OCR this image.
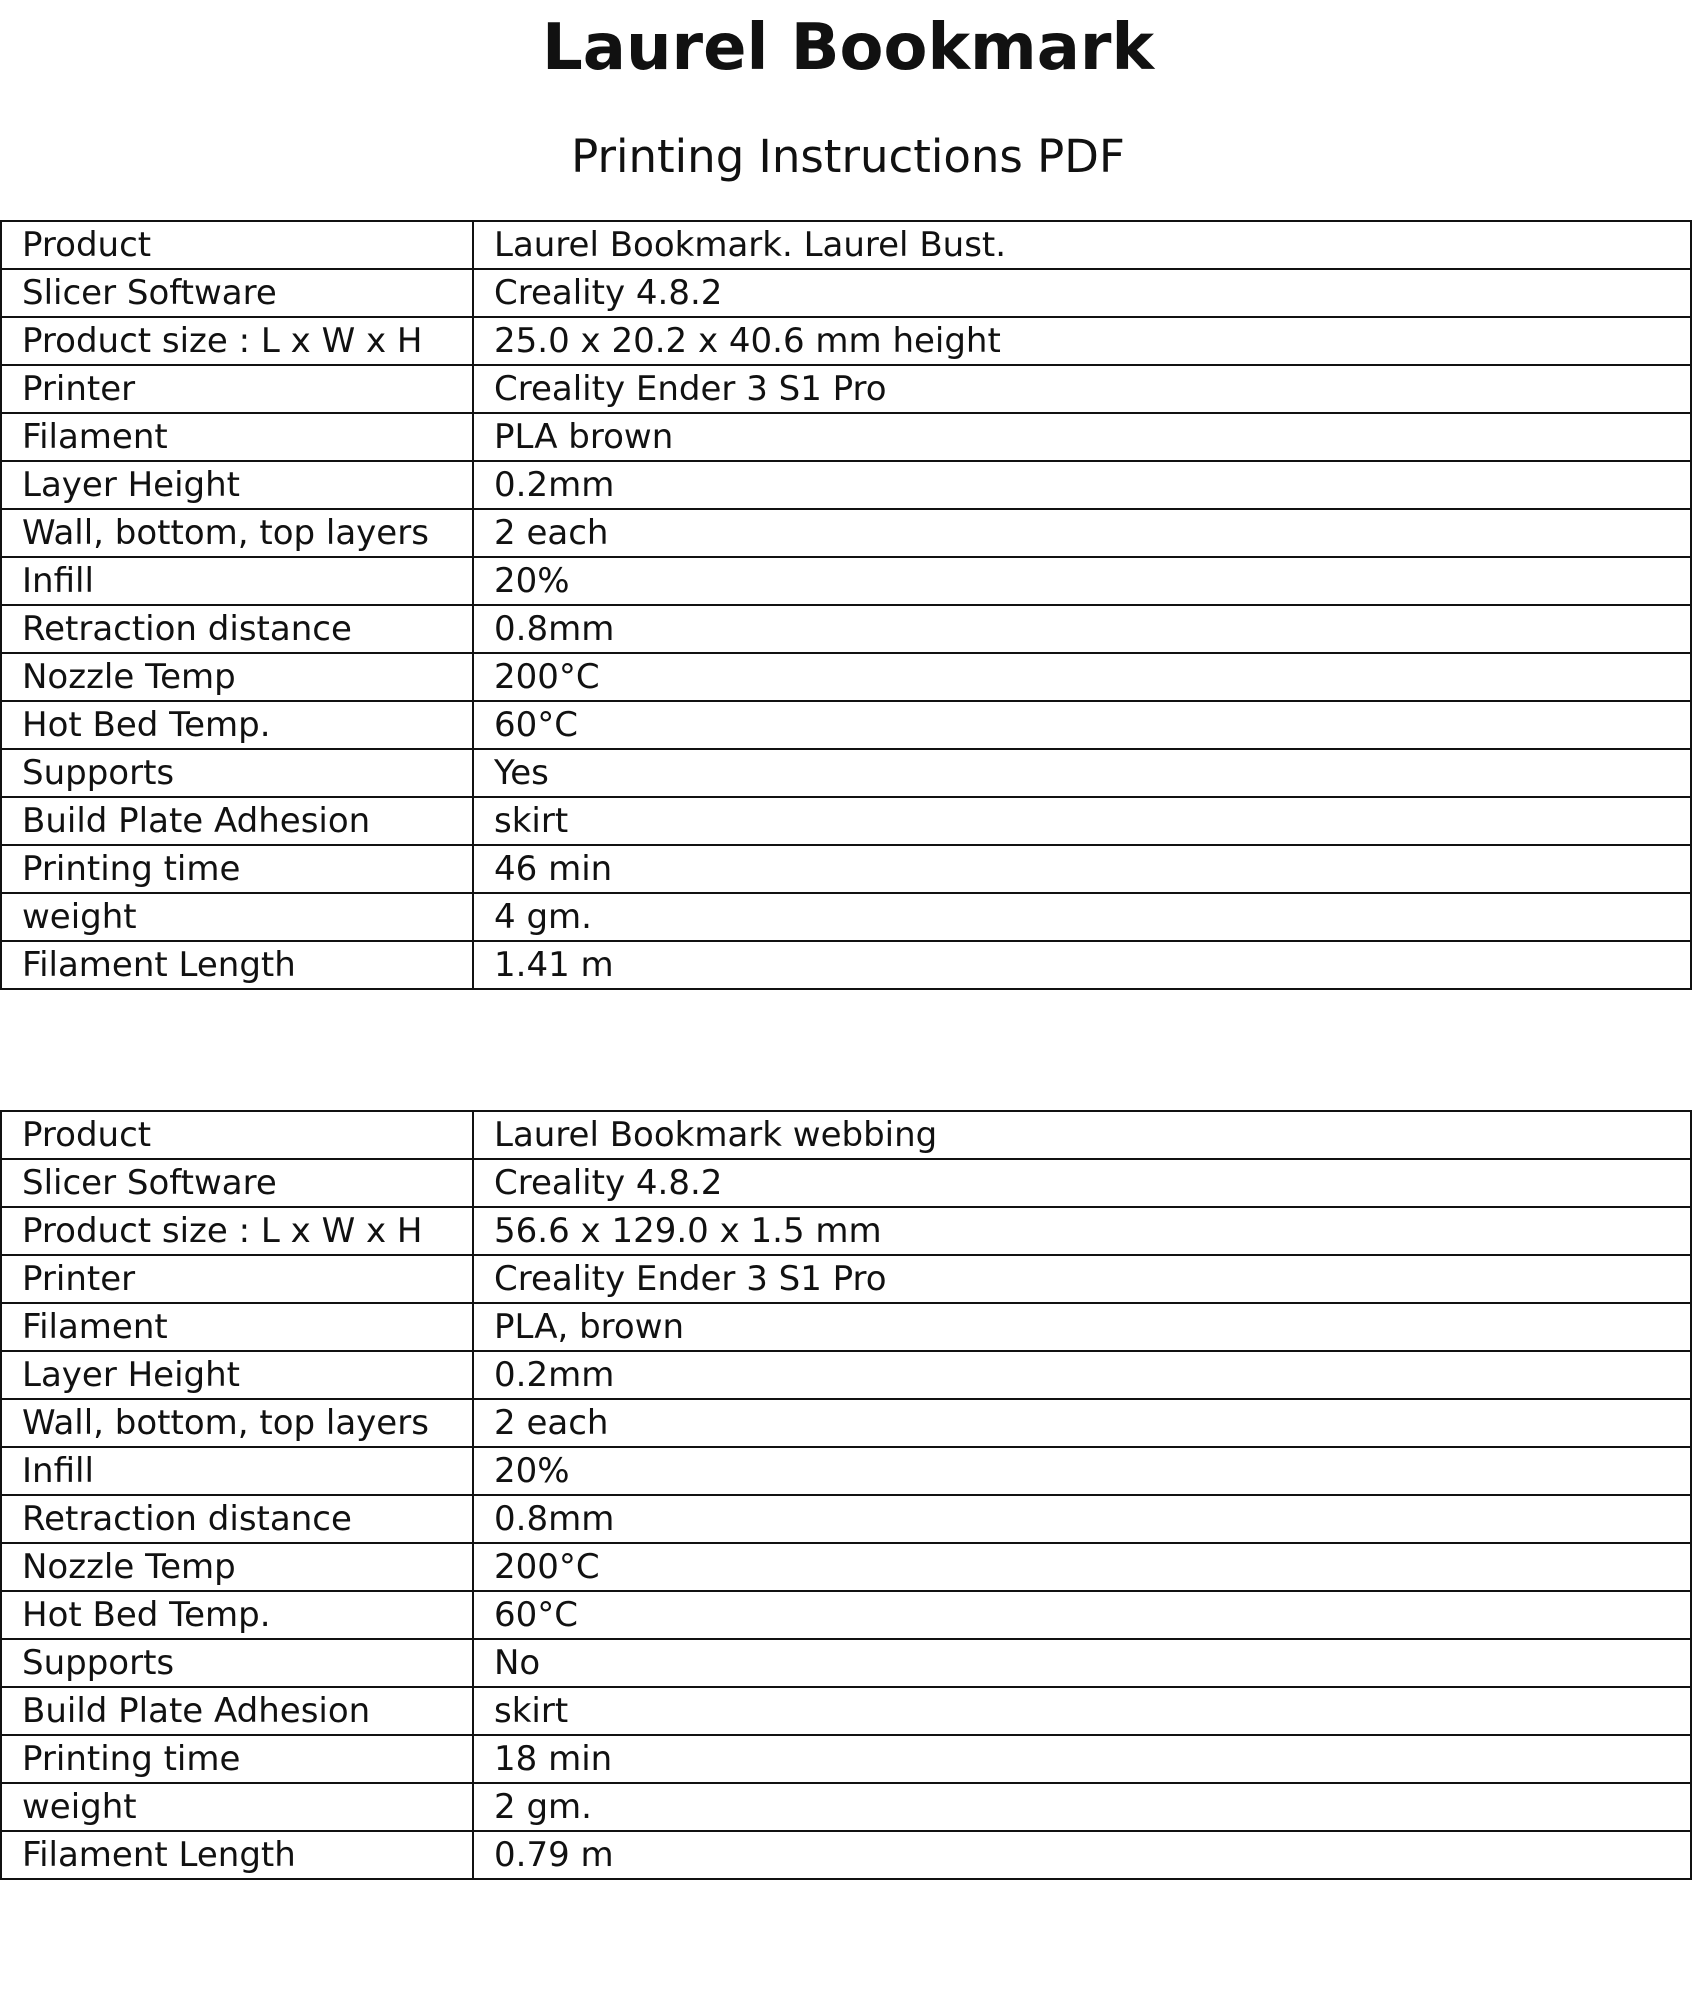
Laurel Bookmark
Printing Instructions PDF
Product	Laurel Bookmark. Laurel Bust.
Slicer Software	Creality 4.8.2
Product size : L x W x H	25.0 x 20.2 x 40.6 mm height
Printer	Creality Ender 3 S1 Pro
Filament	PLA brown
Layer Height	0.2mm
Wall, bottom, top layers	2 each
Infill	20%
Retraction distance	0.8mm
Nozzle Temp	200°C
Hot Bed Temp.	60°C
Supports	Yes
Build Plate Adhesion	skirt
Printing time	46 min
weight	4 gm.
Filament Length	1.41 m
Product	Laurel Bookmark webbing
Slicer Software	Creality 4.8.2
Product size : L x W x H	56.6 x 129.0 x 1.5 mm
Printer	Creality Ender 3 S1 Pro
Filament	PLA, brown
Layer Height	0.2mm
Wall, bottom, top layers	2 each
Infill	20%
Retraction distance	0.8mm
Nozzle Temp	200°C
Hot Bed Temp.	60°C
Supports	No
Build Plate Adhesion	skirt
Printing time	18 min
weight	2 gm.
Filament Length	0.79 m
